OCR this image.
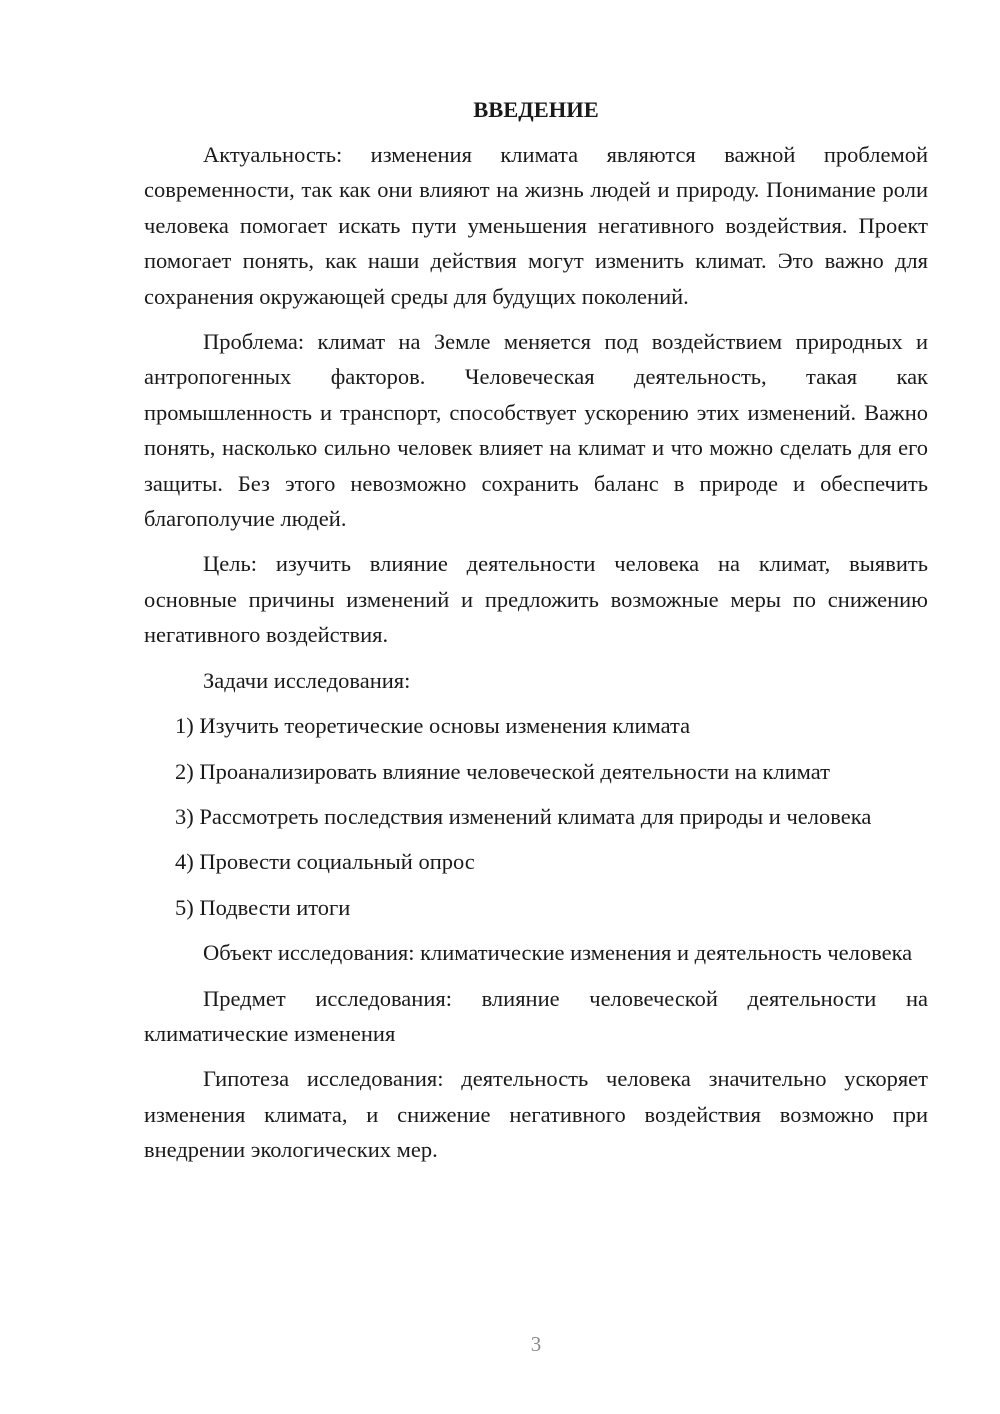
ВВЕДЕНИЕ

Актуальность: изменения климата являются важной проблемой современности, так как они влияют на жизнь людей и природу. Понимание роли человека помогает искать пути уменьшения негативного воздействия. Проект помогает понять, как наши действия могут изменить климат. Это важно для сохранения окружающей среды для будущих поколений.

Проблема: климат на Земле меняется под воздействием природных и антропогенных факторов. Человеческая деятельность, такая как промышленность и транспорт, способствует ускорению этих изменений. Важно понять, насколько сильно человек влияет на климат и что можно сделать для его защиты. Без этого невозможно сохранить баланс в природе и обеспечить благополучие людей.

Цель: изучить влияние деятельности человека на климат, выявить основные причины изменений и предложить возможные меры по снижению негативного воздействия.

Задачи исследования:

1) Изучить теоретические основы изменения климата

2) Проанализировать влияние человеческой деятельности на климат

3) Рассмотреть последствия изменений климата для природы и человека

4) Провести социальный опрос

5) Подвести итоги

Объект исследования: климатические изменения и деятельность человека

Предмет исследования: влияние человеческой деятельности на климатические изменения

Гипотеза исследования: деятельность человека значительно ускоряет изменения климата, и снижение негативного воздействия возможно при внедрении экологических мер.

3
